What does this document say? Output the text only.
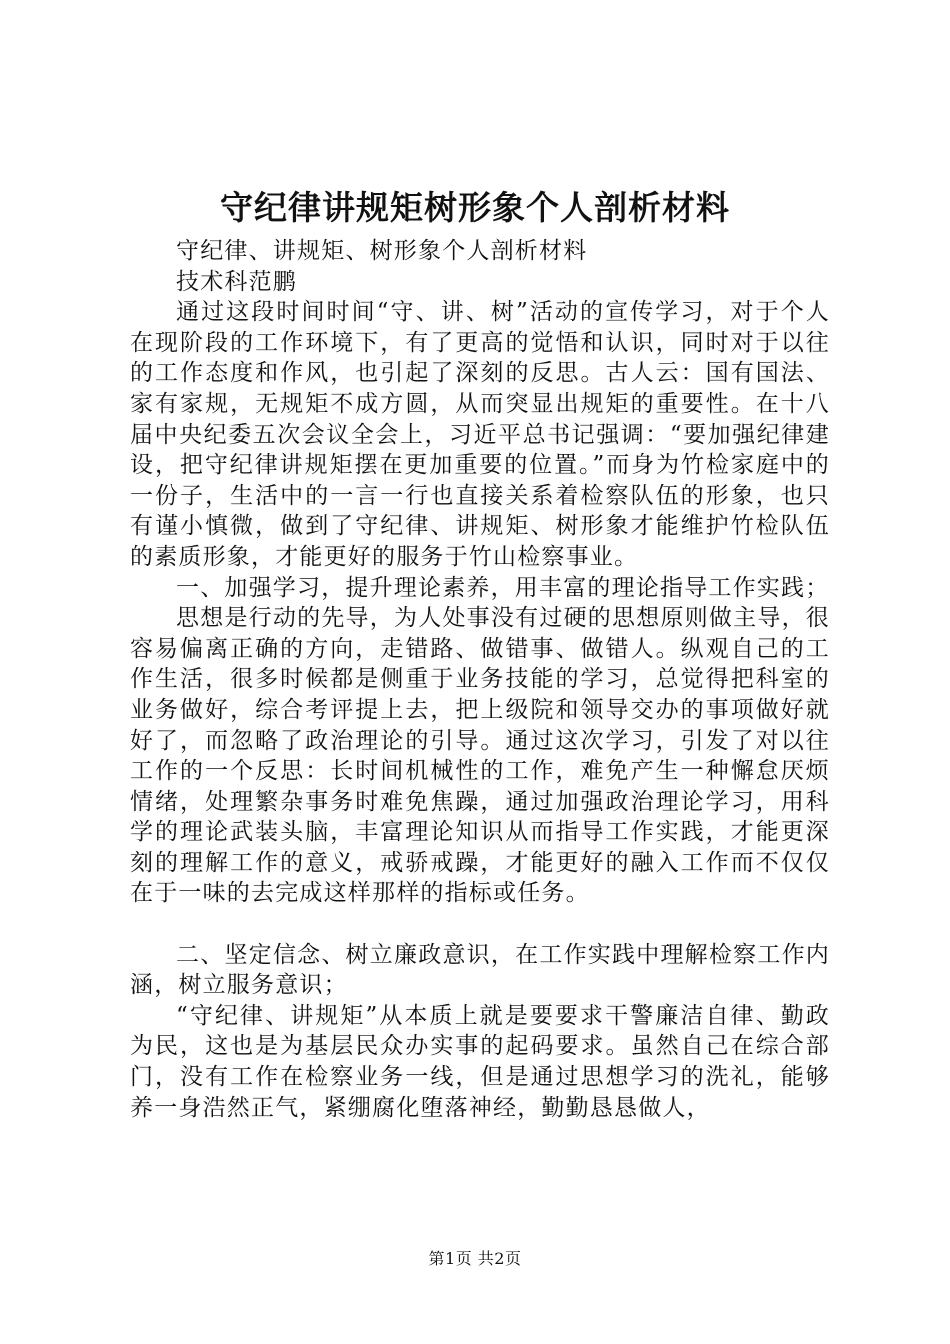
守纪律讲规矩树形象个人剖析材料

守纪律、讲规矩、树形象个人剖析材料

技术科范鹏

通过这段时间时间“守、讲、树”活动的宣传学习，对于个人在现阶段的工作环境下，有了更高的觉悟和认识，同时对于以往的工作态度和作风，也引起了深刻的反思。古人云：国有国法、家有家规，无规矩不成方圆，从而突显出规矩的重要性。在十八届中央纪委五次会议全会上，习近平总书记强调：“要加强纪律建设，把守纪律讲规矩摆在更加重要的位置。”而身为竹检家庭中的一份子，生活中的一言一行也直接关系着检察队伍的形象，也只有谨小慎微，做到了守纪律、讲规矩、树形象才能维护竹检队伍的素质形象，才能更好的服务于竹山检察事业。

一、加强学习，提升理论素养，用丰富的理论指导工作实践；

思想是行动的先导，为人处事没有过硬的思想原则做主导，很容易偏离正确的方向，走错路、做错事、做错人。纵观自己的工作生活，很多时候都是侧重于业务技能的学习，总觉得把科室的业务做好，综合考评提上去，把上级院和领导交办的事项做好就好了，而忽略了政治理论的引导。通过这次学习，引发了对以往工作的一个反思：长时间机械性的工作，难免产生一种懈怠厌烦情绪，处理繁杂事务时难免焦躁，通过加强政治理论学习，用科学的理论武装头脑，丰富理论知识从而指导工作实践，才能更深刻的理解工作的意义，戒骄戒躁，才能更好的融入工作而不仅仅在于一味的去完成这样那样的指标或任务。

二、坚定信念、树立廉政意识，在工作实践中理解检察工作内涵，树立服务意识；

“守纪律、讲规矩”从本质上就是要要求干警廉洁自律、勤政为民，这也是为基层民众办实事的起码要求。虽然自己在综合部门，没有工作在检察业务一线，但是通过思想学习的洗礼，能够养一身浩然正气，紧绷腐化堕落神经，勤勤恳恳做人，

第1页 共2页
